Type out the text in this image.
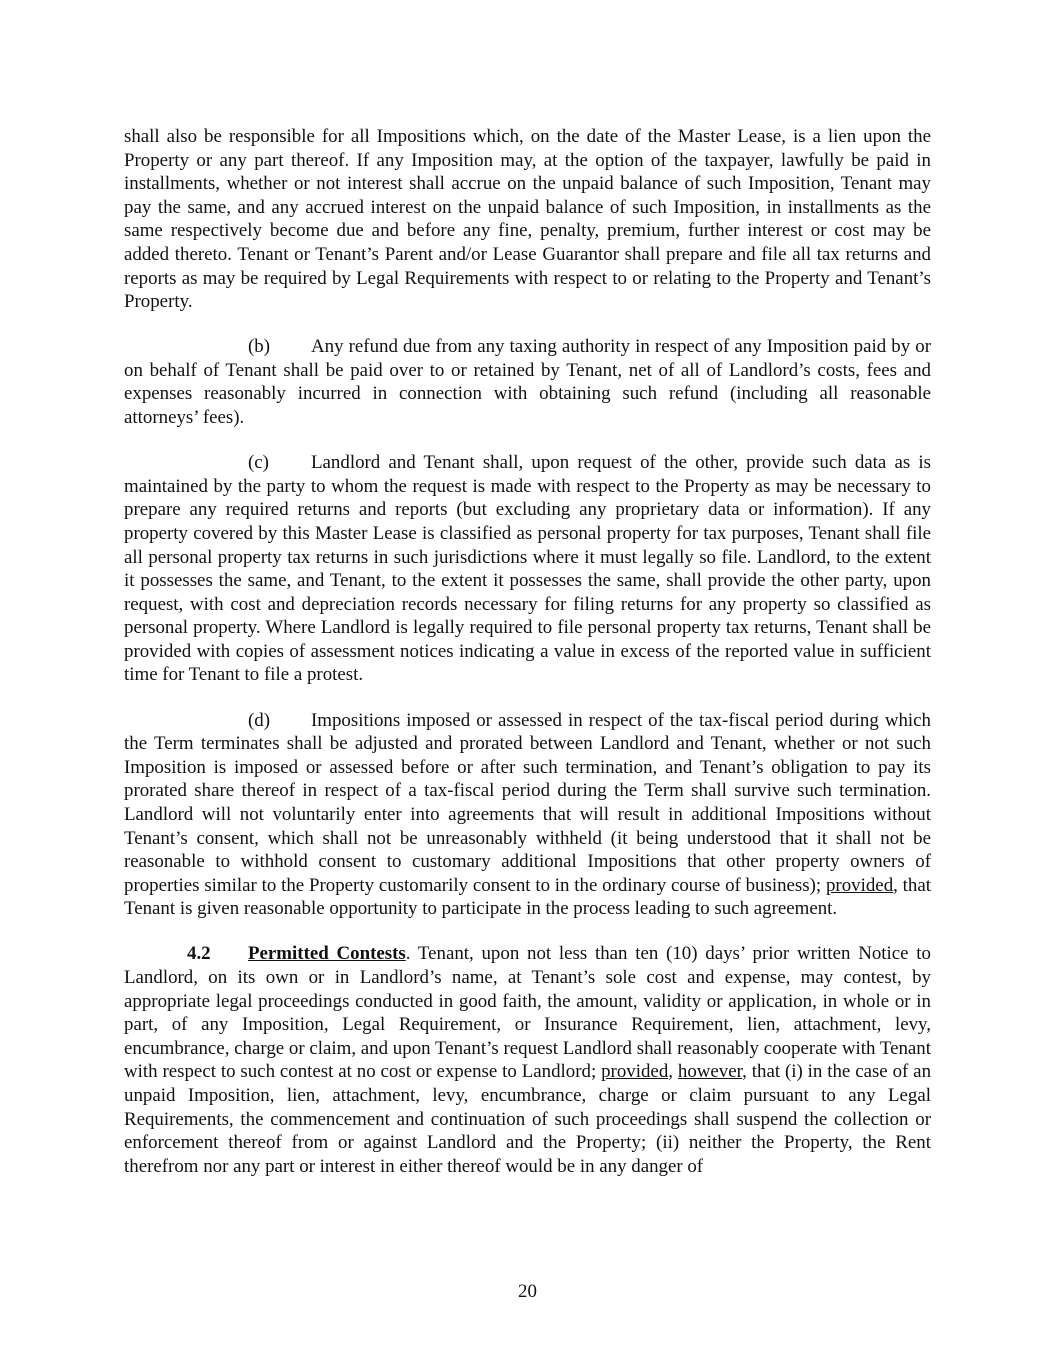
shall also be responsible for all Impositions which, on the date of the Master Lease, is a lien upon the Property or any part thereof. If any Imposition may, at the option of the taxpayer, lawfully be paid in installments, whether or not interest shall accrue on the unpaid balance of such Imposition, Tenant may pay the same, and any accrued interest on the unpaid balance of such Imposition, in installments as the same respectively become due and before any fine, penalty, premium, further interest or cost may be added thereto. Tenant or Tenant’s Parent and/or Lease Guarantor shall prepare and file all tax returns and reports as may be required by Legal Requirements with respect to or relating to the Property and Tenant’s Property.

(b) Any refund due from any taxing authority in respect of any Imposition paid by or on behalf of Tenant shall be paid over to or retained by Tenant, net of all of Landlord’s costs, fees and expenses reasonably incurred in connection with obtaining such refund (including all reasonable attorneys’ fees).

(c) Landlord and Tenant shall, upon request of the other, provide such data as is maintained by the party to whom the request is made with respect to the Property as may be necessary to prepare any required returns and reports (but excluding any proprietary data or information). If any property covered by this Master Lease is classified as personal property for tax purposes, Tenant shall file all personal property tax returns in such jurisdictions where it must legally so file. Landlord, to the extent it possesses the same, and Tenant, to the extent it possesses the same, shall provide the other party, upon request, with cost and depreciation records necessary for filing returns for any property so classified as personal property. Where Landlord is legally required to file personal property tax returns, Tenant shall be provided with copies of assessment notices indicating a value in excess of the reported value in sufficient time for Tenant to file a protest.

(d) Impositions imposed or assessed in respect of the tax-fiscal period during which the Term terminates shall be adjusted and prorated between Landlord and Tenant, whether or not such Imposition is imposed or assessed before or after such termination, and Tenant’s obligation to pay its prorated share thereof in respect of a tax-fiscal period during the Term shall survive such termination. Landlord will not voluntarily enter into agreements that will result in additional Impositions without Tenant’s consent, which shall not be unreasonably withheld (it being understood that it shall not be reasonable to withhold consent to customary additional Impositions that other property owners of properties similar to the Property customarily consent to in the ordinary course of business); provided, that Tenant is given reasonable opportunity to participate in the process leading to such agreement.

4.2 Permitted Contests. Tenant, upon not less than ten (10) days’ prior written Notice to Landlord, on its own or in Landlord’s name, at Tenant’s sole cost and expense, may contest, by appropriate legal proceedings conducted in good faith, the amount, validity or application, in whole or in part, of any Imposition, Legal Requirement, or Insurance Requirement, lien, attachment, levy, encumbrance, charge or claim, and upon Tenant’s request Landlord shall reasonably cooperate with Tenant with respect to such contest at no cost or expense to Landlord; provided, however, that (i) in the case of an unpaid Imposition, lien, attachment, levy, encumbrance, charge or claim pursuant to any Legal Requirements, the commencement and continuation of such proceedings shall suspend the collection or enforcement thereof from or against Landlord and the Property; (ii) neither the Property, the Rent therefrom nor any part or interest in either thereof would be in any danger of

20
